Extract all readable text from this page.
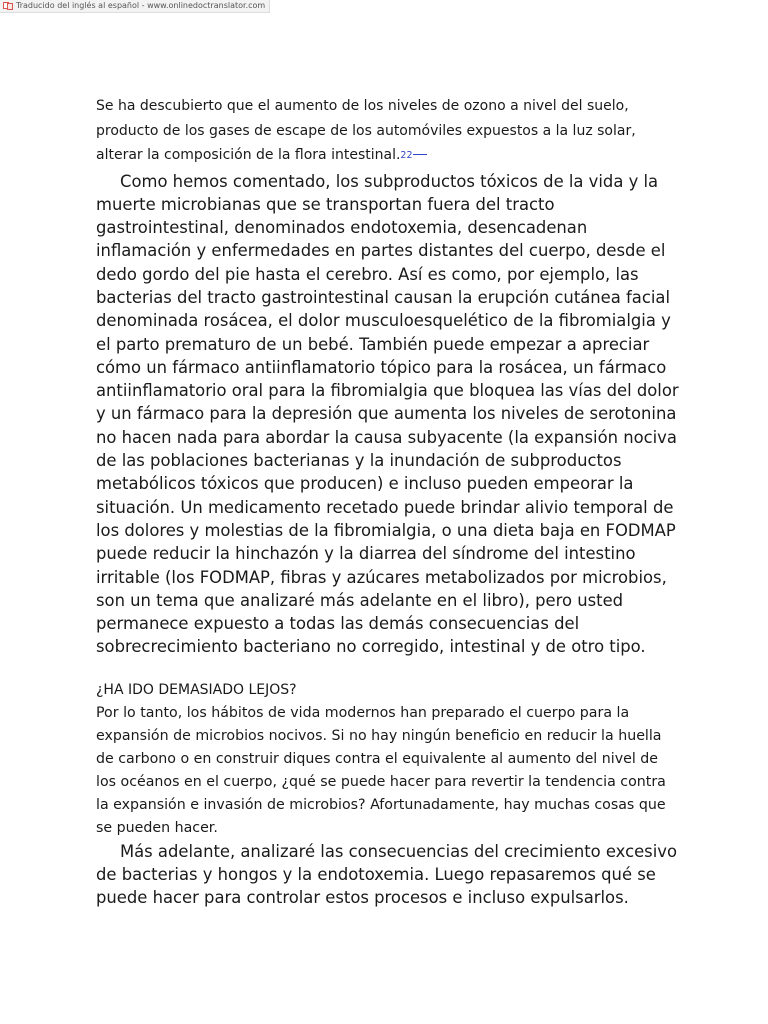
Traducido del inglés al español - www.onlinedoctranslator.com

Se ha descubierto que el aumento de los niveles de ozono a nivel del suelo, producto de los gases de escape de los automóviles expuestos a la luz solar, alterar la composición de la flora intestinal.22

Como hemos comentado, los subproductos tóxicos de la vida y la muerte microbianas que se transportan fuera del tracto gastrointestinal, denominados endotoxemia, desencadenan inflamación y enfermedades en partes distantes del cuerpo, desde el dedo gordo del pie hasta el cerebro. Así es como, por ejemplo, las bacterias del tracto gastrointestinal causan la erupción cutánea facial denominada rosácea, el dolor musculoesquelético de la fibromialgia y el parto prematuro de un bebé. También puede empezar a apreciar cómo un fármaco antiinflamatorio tópico para la rosácea, un fármaco antiinflamatorio oral para la fibromialgia que bloquea las vías del dolor y un fármaco para la depresión que aumenta los niveles de serotonina no hacen nada para abordar la causa subyacente (la expansión nociva de las poblaciones bacterianas y la inundación de subproductos metabólicos tóxicos que producen) e incluso pueden empeorar la situación. Un medicamento recetado puede brindar alivio temporal de los dolores y molestias de la fibromialgia, o una dieta baja en FODMAP puede reducir la hinchazón y la diarrea del síndrome del intestino irritable (los FODMAP, fibras y azúcares metabolizados por microbios, son un tema que analizaré más adelante en el libro), pero usted permanece expuesto a todas las demás consecuencias del sobrecrecimiento bacteriano no corregido, intestinal y de otro tipo.

¿HA IDO DEMASIADO LEJOS?

Por lo tanto, los hábitos de vida modernos han preparado el cuerpo para la expansión de microbios nocivos. Si no hay ningún beneficio en reducir la huella de carbono o en construir diques contra el equivalente al aumento del nivel de los océanos en el cuerpo, ¿qué se puede hacer para revertir la tendencia contra la expansión e invasión de microbios? Afortunadamente, hay muchas cosas que se pueden hacer.

Más adelante, analizaré las consecuencias del crecimiento excesivo de bacterias y hongos y la endotoxemia. Luego repasaremos qué se puede hacer para controlar estos procesos e incluso expulsarlos.
